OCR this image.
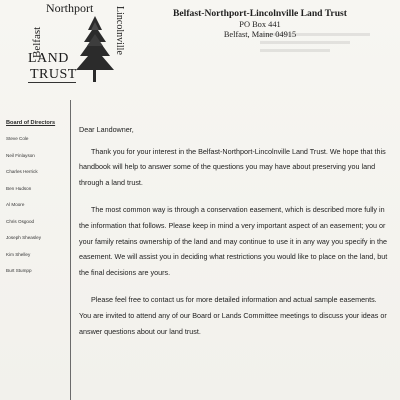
Belfast
Northport Lincolnville
LAND
TRUST

Belfast-Northport-Lincolnville Land Trust

PO Box 441

Belfast, Maine 04915

Board of Directors

Steve Cole
Neil Finlayson
Charles Herrick
Ben Hudson
Al Moore
Chris Osgood
Joseph Sheasley
Kim Shelley
Burt Stumpp

Dear Landowner,

Thank you for your interest in the Belfast-Northport-Lincolnville Land Trust. We hope that this handbook will help to answer some of the questions you may have about preserving you land through a land trust.

The most common way is through a conservation easement, which is described more fully in the information that follows. Please keep in mind a very important aspect of an easement; you or your family retains ownership of the land and may continue to use it in any way you specify in the easement. We will assist you in deciding what restrictions you would like to place on the land, but the final decisions are yours.

Please feel free to contact us for more detailed information and actual sample easements. You are invited to attend any of our Board or Lands Committee meetings to discuss your ideas or answer questions about our land trust.
